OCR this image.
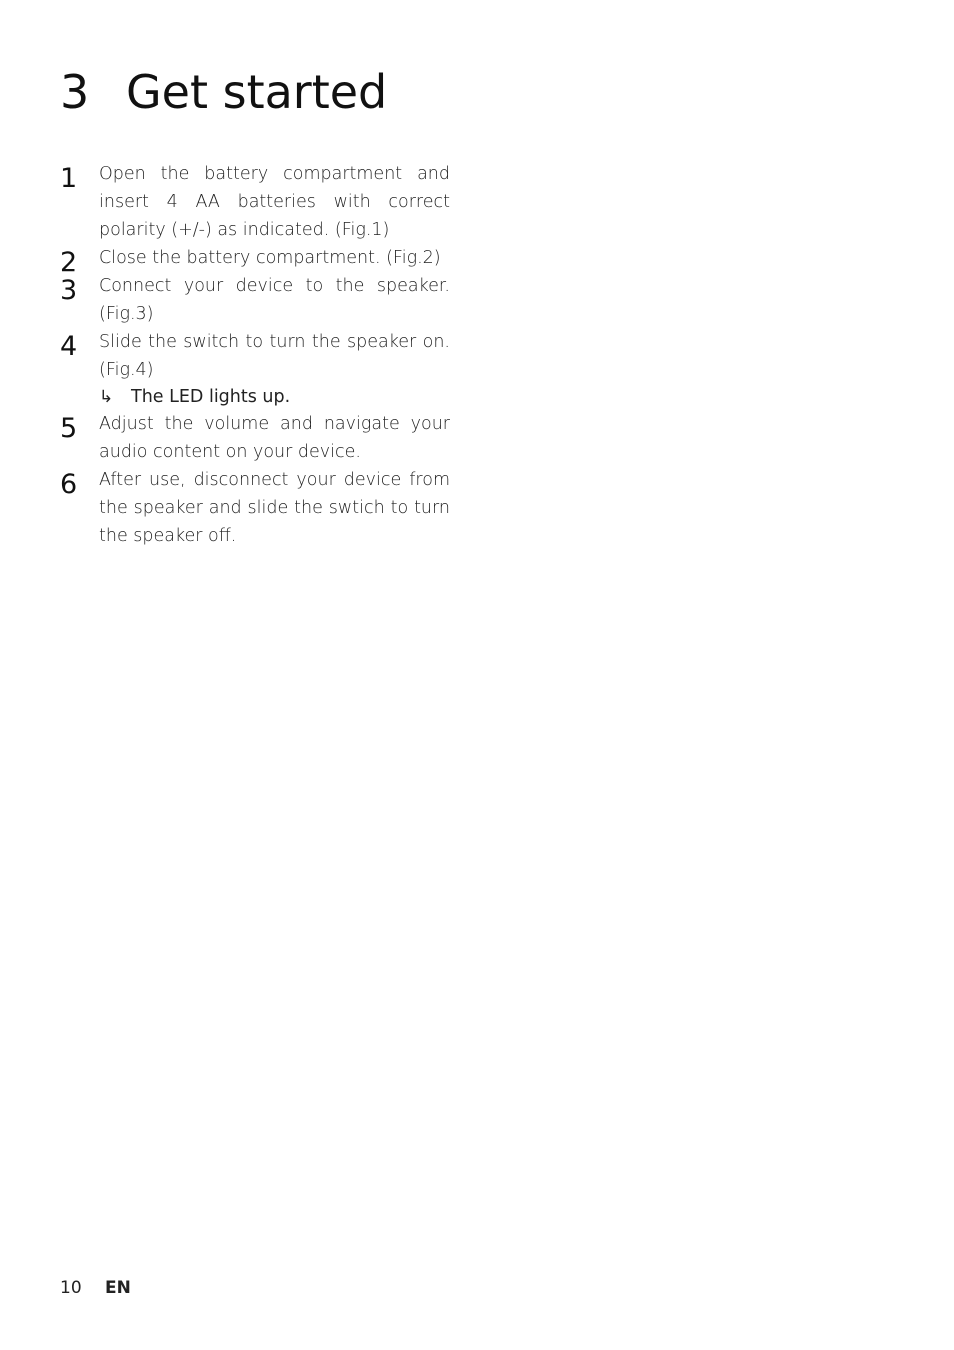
3 Get started
1 Open the battery compartment and insert 4 AA batteries with correct polarity (+/-) as indicated. (Fig.1)
2 Close the battery compartment. (Fig.2)
3 Connect your device to the speaker. (Fig.3)
4 Slide the switch to turn the speaker on. (Fig.4)
↳ The LED lights up.
5 Adjust the volume and navigate your audio content on your device.
6 After use, disconnect your device from the speaker and slide the swtich to turn the speaker off.
10 EN
